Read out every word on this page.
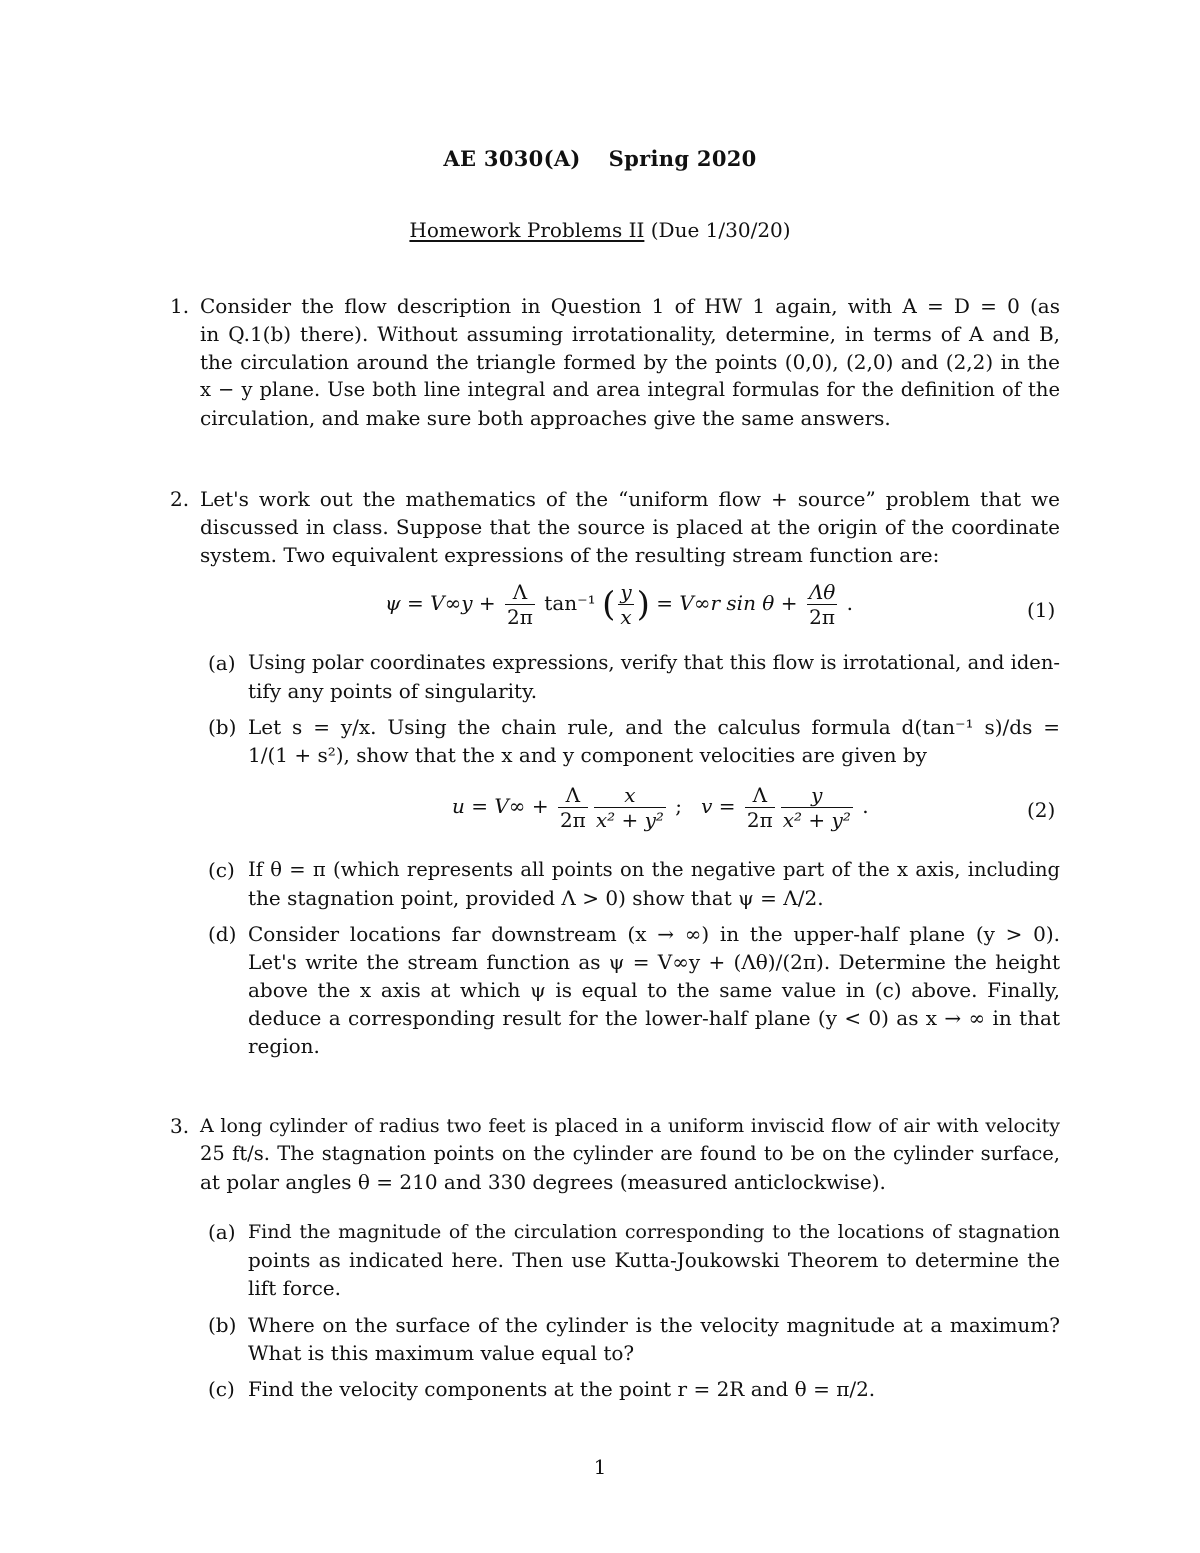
AE 3030(A) Spring 2020
Homework Problems II (Due 1/30/20)
1. Consider the flow description in Question 1 of HW 1 again, with A = D = 0 (as
in Q.1(b) there). Without assuming irrotationality, determine, in terms of A and B,
the circulation around the triangle formed by the points (0,0), (2,0) and (2,2) in the
x − y plane. Use both line integral and area integral formulas for the definition of the
circulation, and make sure both approaches give the same answers.
2. Let's work out the mathematics of the “uniform flow + source” problem that we
discussed in class. Suppose that the source is placed at the origin of the coordinate
system. Two equivalent expressions of the resulting stream function are:
$\psi = V\infty y + \frac{\Lambda}{2\pi} \tan^{-1}$ ( $\frac{y}{x}$ ) = V∞r $\sin \theta + \frac{\Lambda\theta}{2\pi}$ .	(1)
(a) Using polar coordinates expressions, verify that this flow is irrotational, and iden-
tify any points of singularity.
(b) Let s = y/x. Using the chain rule, and the calculus formula d(tan⁻¹ s)/ds =
1/(1 + s²), show that the x and y component velocities are given by
$u = V\infty + \frac{\Lambda}{2\pi} \frac{x}{\text{x² + y²}}$ ; $v = \frac{\Lambda}{2\pi} \frac{y}{\text{x² + y²}}$ .	(2)
(c) If θ = π (which represents all points on the negative part of the x axis, including
the stagnation point, provided Λ > 0) show that ψ = Λ/2.
(d) Consider locations far downstream (x → ∞) in the upper-half plane (y > 0).
Let's write the stream function as ψ = V∞y + (Λθ)/(2π). Determine the height
above the x axis at which ψ is equal to the same value in (c) above. Finally,
deduce a corresponding result for the lower-half plane (y < 0) as x → ∞ in that
region.
3. A long cylinder of radius two feet is placed in a uniform inviscid flow of air with velocity
25 ft/s. The stagnation points on the cylinder are found to be on the cylinder surface,
at polar angles θ = 210 and 330 degrees (measured anticlockwise).
(a) Find the magnitude of the circulation corresponding to the locations of stagnation
points as indicated here. Then use Kutta-Joukowski Theorem to determine the
lift force.
(b) Where on the surface of the cylinder is the velocity magnitude at a maximum?
What is this maximum value equal to?
(c) Find the velocity components at the point r = 2R and θ = π/2.
1
